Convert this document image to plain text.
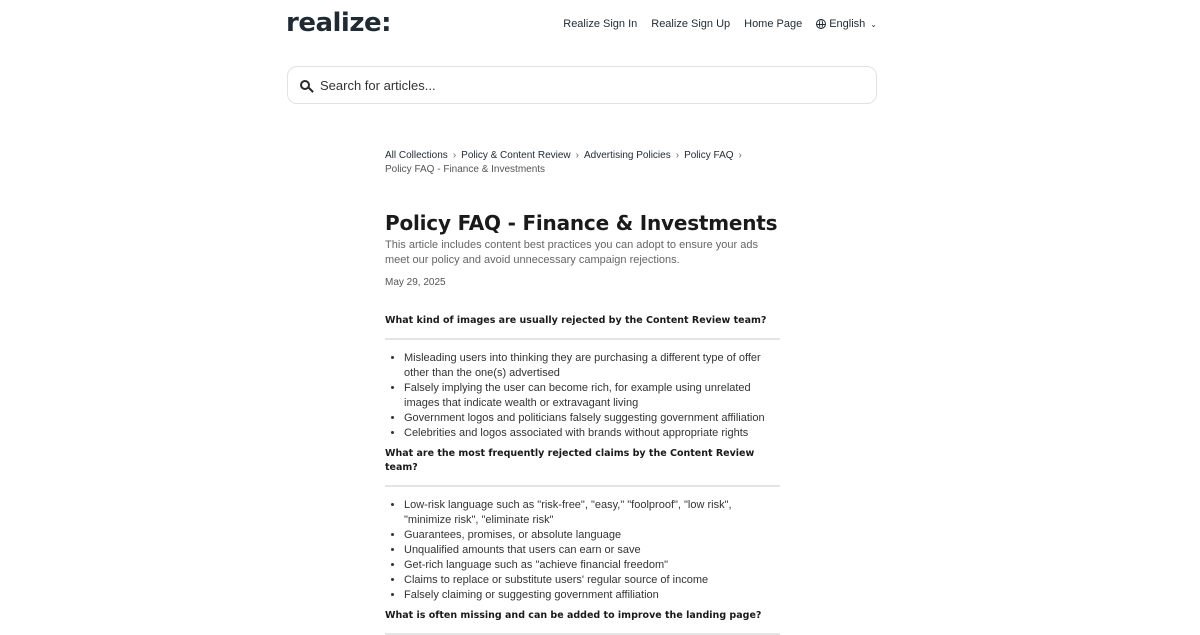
realize:	Realize Sign In Realize Sign Up Home Page English ⌄
Search for articles...
All Collections › Policy & Content Review › Advertising Policies › Policy FAQ ›
Policy FAQ - Finance & Investments
Policy FAQ - Finance & Investments
This article includes content best practices you can adopt to ensure your ads meet our policy and avoid unnecessary campaign rejections.
May 29, 2025
What kind of images are usually rejected by the Content Review team?
• Misleading users into thinking they are purchasing a different type of offer other than the one(s) advertised
• Falsely implying the user can become rich, for example using unrelated images that indicate wealth or extravagant living
• Government logos and politicians falsely suggesting government affiliation
• Celebrities and logos associated with brands without appropriate rights
What are the most frequently rejected claims by the Content Review team?
• Low-risk language such as "risk-free", "easy," "foolproof", "low risk", "minimize risk", "eliminate risk"
• Guarantees, promises, or absolute language
• Unqualified amounts that users can earn or save
• Get-rich language such as "achieve financial freedom"
• Claims to replace or substitute users' regular source of income
• Falsely claiming or suggesting government affiliation
What is often missing and can be added to improve the landing page?
